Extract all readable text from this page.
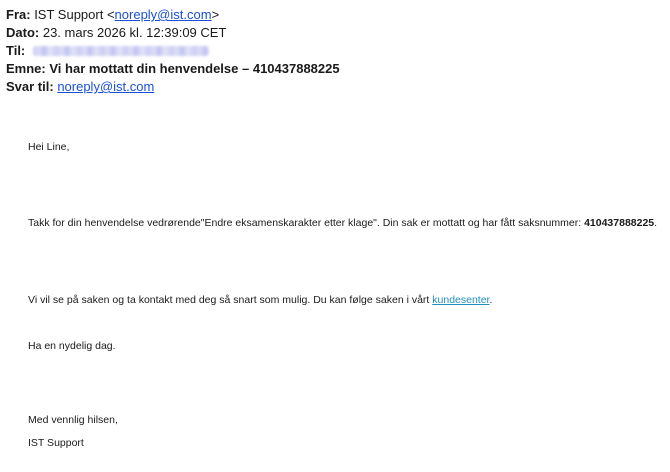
Fra: IST Support <noreply@ist.com>
Dato: 23. mars 2026 kl. 12:39:09 CET
Til:
Emne: Vi har mottatt din henvendelse – 410437888225
Svar til: noreply@ist.com
Hei Line,
Takk for din henvendelse vedrørende"Endre eksamenskarakter etter klage". Din sak er mottatt og har fått saksnummer: 410437888225.
Vi vil se på saken og ta kontakt med deg så snart som mulig. Du kan følge saken i vårt kundesenter.
Ha en nydelig dag.
Med vennlig hilsen,
IST Support
